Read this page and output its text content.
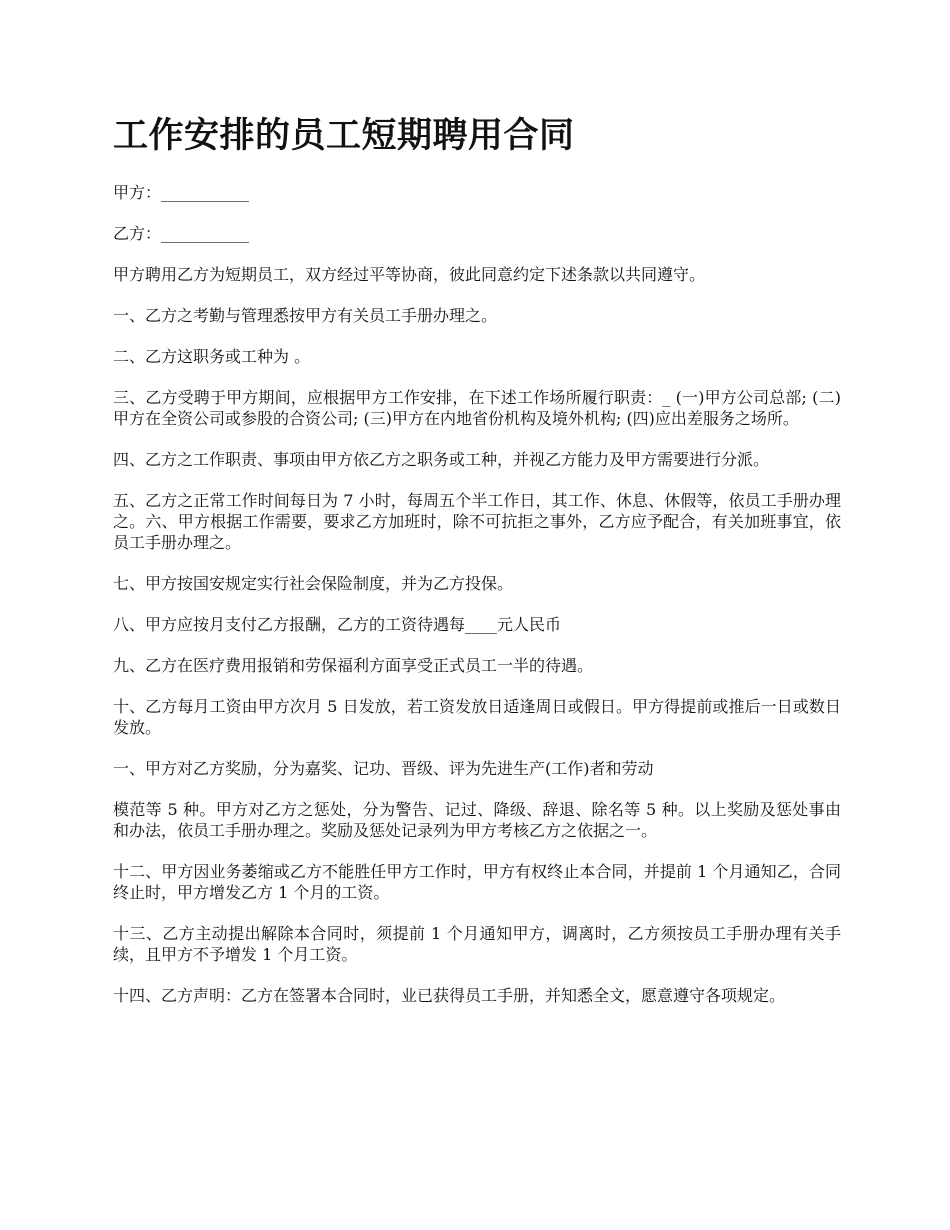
工作安排的员工短期聘用合同

甲方：___________

乙方：___________

甲方聘用乙方为短期员工，双方经过平等协商，彼此同意约定下述条款以共同遵守。

一、乙方之考勤与管理悉按甲方有关员工手册办理之。

二、乙方这职务或工种为 。

三、乙方受聘于甲方期间，应根据甲方工作安排，在下述工作场所履行职责：_ (一)甲方公司总部; (二)甲方在全资公司或参股的合资公司; (三)甲方在内地省份机构及境外机构; (四)应出差服务之场所。

四、乙方之工作职责、事项由甲方依乙方之职务或工种，并视乙方能力及甲方需要进行分派。

五、乙方之正常工作时间每日为 7 小时，每周五个半工作日，其工作、休息、休假等，依员工手册办理之。六、甲方根据工作需要，要求乙方加班时，除不可抗拒之事外，乙方应予配合，有关加班事宜，依员工手册办理之。

七、甲方按国安规定实行社会保险制度，并为乙方投保。

八、甲方应按月支付乙方报酬，乙方的工资待遇每____元人民币

九、乙方在医疗费用报销和劳保福利方面享受正式员工一半的待遇。

十、乙方每月工资由甲方次月 5 日发放，若工资发放日适逢周日或假日。甲方得提前或推后一日或数日发放。

一、甲方对乙方奖励，分为嘉奖、记功、晋级、评为先进生产(工作)者和劳动

模范等 5 种。甲方对乙方之惩处，分为警告、记过、降级、辞退、除名等 5 种。以上奖励及惩处事由和办法，依员工手册办理之。奖励及惩处记录列为甲方考核乙方之依据之一。

十二、甲方因业务萎缩或乙方不能胜任甲方工作时，甲方有权终止本合同，并提前 1 个月通知乙，合同终止时，甲方增发乙方 1 个月的工资。

十三、乙方主动提出解除本合同时，须提前 1 个月通知甲方，调离时，乙方须按员工手册办理有关手续，且甲方不予增发 1 个月工资。

十四、乙方声明：乙方在签署本合同时，业已获得员工手册，并知悉全文，愿意遵守各项规定。
